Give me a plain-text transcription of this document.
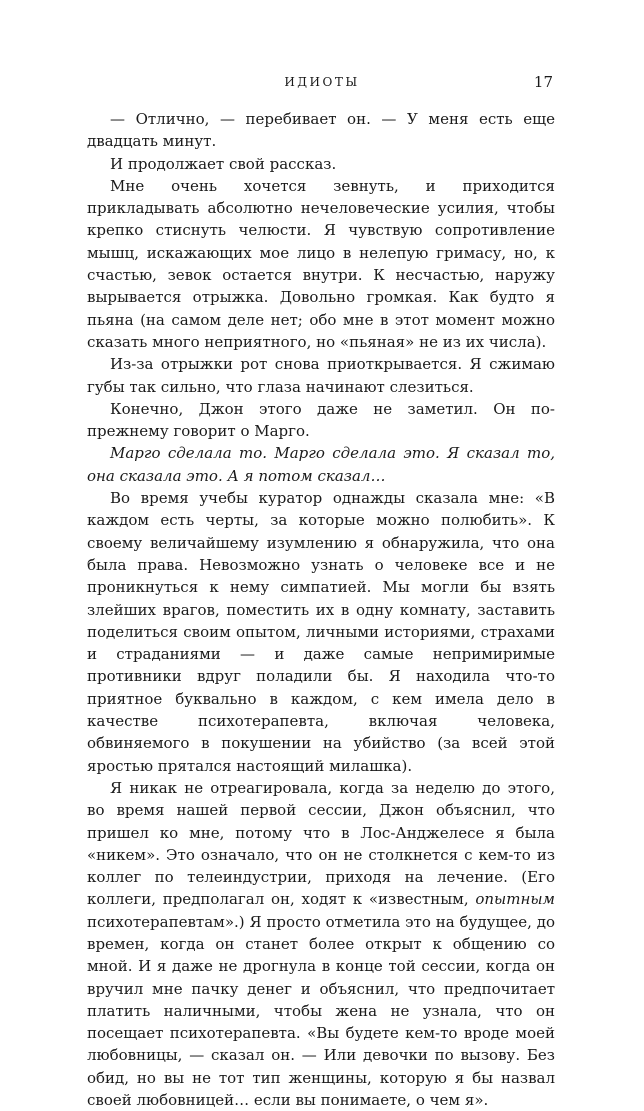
ИДИОТЫ	17

— Отлично, — перебивает он. — У меня есть еще двадцать минут.

И продолжает свой рассказ.

Мне очень хочется зевнуть, и приходится прикладывать абсолютно нечеловеческие усилия, чтобы крепко стиснуть челюсти. Я чувствую сопротивление мышц, искажающих мое лицо в нелепую гримасу, но, к счастью, зевок остается внутри. К несчастью, наружу вырывается отрыжка. Довольно громкая. Как будто я пьяна (на самом деле нет; обо мне в этот момент можно сказать много неприятного, но «пьяная» не из их числа).

Из-за отрыжки рот снова приоткрывается. Я сжимаю губы так сильно, что глаза начинают слезиться.

Конечно, Джон этого даже не заметил. Он по-прежнему говорит о Марго.

Марго сделала то. Марго сделала это. Я сказал то, она сказала это. А я потом сказал…

Во время учебы куратор однажды сказала мне: «В каждом есть черты, за которые можно полюбить». К своему величайшему изумлению я обнаружила, что она была права. Невозможно узнать о человеке все и не проникнуться к нему симпатией. Мы могли бы взять злейших врагов, поместить их в одну комнату, заставить поделиться своим опытом, личными историями, страхами и страданиями — и даже самые непримиримые противники вдруг поладили бы. Я находила что-то приятное буквально в каждом, с кем имела дело в качестве психотерапевта, включая человека, обвиняемого в покушении на убийство (за всей этой яростью прятался настоящий милашка).

Я никак не отреагировала, когда за неделю до этого, во время нашей первой сессии, Джон объяснил, что пришел ко мне, потому что в Лос-Анджелесе я была «никем». Это означало, что он не столкнется с кем-то из коллег по телеиндустрии, приходя на лечение. (Его коллеги, предполагал он, ходят к «известным, опытным психотерапевтам».) Я просто отметила это на будущее, до времен, когда он станет более открыт к общению со мной. И я даже не дрогнула в конце той сессии, когда он вручил мне пачку денег и объяснил, что предпочитает платить наличными, чтобы жена не узнала, что он посещает психотерапевта. «Вы будете кем-то вроде моей любовницы, — сказал он. — Или девочки по вызову. Без обид, но вы не тот тип женщины, которую я бы назвал своей любовницей… если вы понимаете, о чем я».
